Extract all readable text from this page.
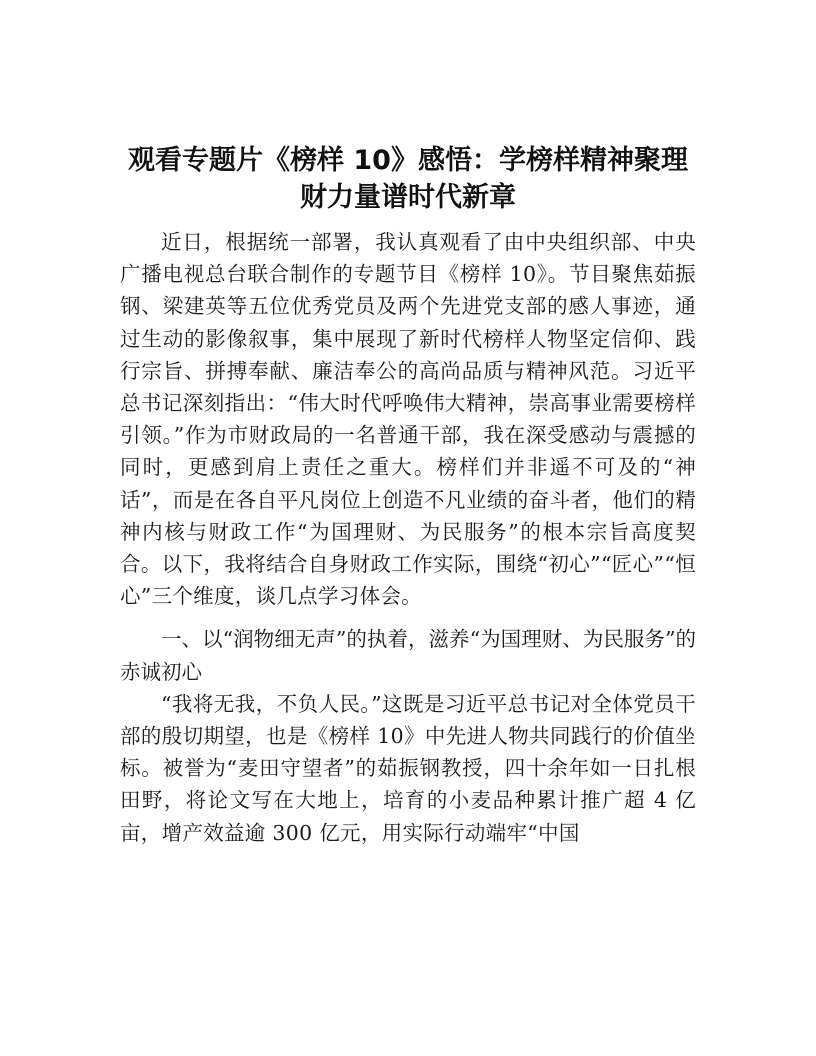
观看专题片《榜样 10》感悟：学榜样精神聚理财力量谱时代新章

近日，根据统一部署，我认真观看了由中央组织部、中央广播电视总台联合制作的专题节目《榜样 10》。节目聚焦茹振钢、梁建英等五位优秀党员及两个先进党支部的感人事迹，通过生动的影像叙事，集中展现了新时代榜样人物坚定信仰、践行宗旨、拼搏奉献、廉洁奉公的高尚品质与精神风范。习近平总书记深刻指出：“伟大时代呼唤伟大精神，崇高事业需要榜样引领。”作为市财政局的一名普通干部，我在深受感动与震撼的同时，更感到肩上责任之重大。榜样们并非遥不可及的“神话”，而是在各自平凡岗位上创造不凡业绩的奋斗者，他们的精神内核与财政工作“为国理财、为民服务”的根本宗旨高度契合。以下，我将结合自身财政工作实际，围绕“初心”“匠心”“恒心”三个维度，谈几点学习体会。

一、以“润物细无声”的执着，滋养“为国理财、为民服务”的赤诚初心

“我将无我，不负人民。”这既是习近平总书记对全体党员干部的殷切期望，也是《榜样 10》中先进人物共同践行的价值坐标。被誉为“麦田守望者”的茹振钢教授，四十余年如一日扎根田野，将论文写在大地上，培育的小麦品种累计推广超 4 亿亩，增产效益逾 300 亿元，用实际行动端牢“中国
